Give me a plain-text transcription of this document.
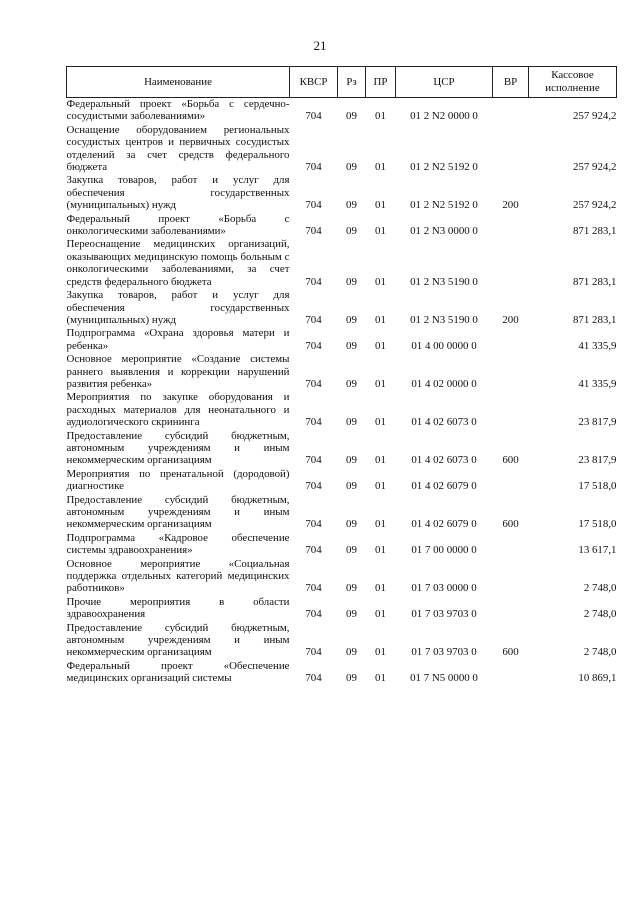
21
Наименование	КВСР	Рз	ПР	ЦСР	ВР	Кассовое исполнение
Федеральный проект «Борьба с сердечно-сосудистыми заболеваниями»	704	09	01	01 2 N2 0000 0		257 924,2
Оснащение оборудованием региональных сосудистых центров и первичных сосудистых отделений за счет средств федерального бюджета	704	09	01	01 2 N2 5192 0		257 924,2
Закупка товаров, работ и услуг для обеспечения государственных (муниципальных) нужд	704	09	01	01 2 N2 5192 0	200	257 924,2
Федеральный проект «Борьба с онкологическими заболеваниями»	704	09	01	01 2 N3 0000 0		871 283,1
Переоснащение медицинских организаций, оказывающих медицинскую помощь больным с онкологическими заболеваниями, за счет средств федерального бюджета	704	09	01	01 2 N3 5190 0		871 283,1
Закупка товаров, работ и услуг для обеспечения государственных (муниципальных) нужд	704	09	01	01 2 N3 5190 0	200	871 283,1
Подпрограмма «Охрана здоровья матери и ребенка»	704	09	01	01 4 00 0000 0		41 335,9
Основное мероприятие «Создание системы раннего выявления и коррекции нарушений развития ребенка»	704	09	01	01 4 02 0000 0		41 335,9
Мероприятия по закупке оборудования и расходных материалов для неонатального и аудиологического скрининга	704	09	01	01 4 02 6073 0		23 817,9
Предоставление субсидий бюджетным, автономным учреждениям и иным некоммерческим организациям	704	09	01	01 4 02 6073 0	600	23 817,9
Мероприятия по пренатальной (дородовой) диагностике	704	09	01	01 4 02 6079 0		17 518,0
Предоставление субсидий бюджетным, автономным учреждениям и иным некоммерческим организациям	704	09	01	01 4 02 6079 0	600	17 518,0
Подпрограмма «Кадровое обеспечение системы здравоохранения»	704	09	01	01 7 00 0000 0		13 617,1
Основное мероприятие «Социальная поддержка отдельных категорий медицинских работников»	704	09	01	01 7 03 0000 0		2 748,0
Прочие мероприятия в области здравоохранения	704	09	01	01 7 03 9703 0		2 748,0
Предоставление субсидий бюджетным, автономным учреждениям и иным некоммерческим организациям	704	09	01	01 7 03 9703 0	600	2 748,0
Федеральный проект «Обеспечение медицинских организаций системы	704	09	01	01 7 N5 0000 0		10 869,1
